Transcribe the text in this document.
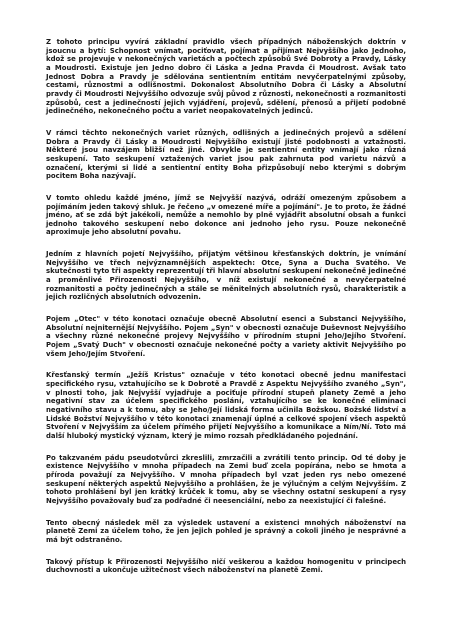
Z tohoto principu vyvírá základní pravidlo všech případných náboženských doktrín v jsoucnu a bytí: Schopnost vnímat, pociťovat, pojímat a přijímat Nejvyššího jako Jednoho, kdož se projevuje v nekonečných varietách a počtech způsobů Své Dobroty a Pravdy, Lásky a Moudrosti. Existuje jen Jedno dobro či Láska a Jedna Pravda či Moudrost. Avšak tato Jednost Dobra a Pravdy je sdělována sentientním entitám nevyčerpatelnými způsoby, cestami, různostmi a odlišnostmi. Dokonalost Absolutního Dobra či Lásky a Absolutní pravdy či Moudrosti Nejvyššího odvozuje svůj původ z různosti, nekonečnosti a rozmanitosti způsobů, cest a jedinečností jejich vyjádření, projevů, sdělení, přenosů a přijetí podobně jedinečného, nekonečného počtu a variet neopakovatelných jedinců.

V rámci těchto nekonečných variet různých, odlišných a jedinečných projevů a sdělení Dobra a Pravdy či Lásky a Moudrosti Nejvyššího existují jisté podobnosti a vztažnosti. Některé jsou navzájem bližší než jiné. Obvykle je sentientní entity vnímají jako různá seskupení. Tato seskupení vztažených variet jsou pak zahrnuta pod varietu názvů a označení, kterými si lidé a sentientní entity Boha přizpůsobují nebo kterými s dobrým pocitem Boha nazývají.

V tomto ohledu každé jméno, jímž se Nejvyšší nazývá, odráží omezeným způsobem a pojímáním jeden takový shluk. Je řečeno „v omezené míře a pojímání". Je to proto, že žádné jméno, ať se zdá být jakékoli, nemůže a nemohlo by plně vyjádřit absolutní obsah a funkci jednoho takového seskupení nebo dokonce ani jednoho jeho rysu. Pouze nekonečně aproximuje jeho absolutní povahu.

Jedním z hlavních pojetí Nejvyššího, přijatým většinou křesťanských doktrín, je vnímání Nejvyššího ve třech nejvýznamnějších aspektech: Otce, Syna a Ducha Svatého. Ve skutečnosti tyto tři aspekty reprezentují tři hlavní absolutní seskupení nekonečně jedinečné a proměnlivé Přirozenosti Nejvyššího, v níž existují nekonečné a nevyčerpatelné rozmanitosti a počty jedinečných a stále se měnitelných absolutních rysů, charakteristik a jejich rozličných absolutních odvozenin.

Pojem „Otec" v této konotaci označuje obecně Absolutní esenci a Substanci Nejvyššího, Absolutní nejniternější Nejvyššího. Pojem „Syn" v obecnosti označuje Duševnost Nejvyššího a všechny různé nekonečné projevy Nejvyššího v přírodním stupni Jeho/Jejího Stvoření. Pojem „Svatý Duch" v obecnosti označuje nekonečné počty a variety aktivit Nejvyššího po všem Jeho/Jejím Stvoření.

Křesťanský termín „Ježíš Kristus" označuje v této konotaci obecně jednu manifestaci specifického rysu, vztahujícího se k Dobrotě a Pravdě z Aspektu Nejvyššího zvaného „Syn", v plnosti toho, jak Nejvyšší vyjadřuje a pociťuje přírodní stupeň planety Země a jeho negativní stav za účelem specifického poslání, vztahujícího se ke konečné eliminaci negativního stavu a k tomu, aby se Jeho/Její lidská forma učinila Božskou. Božské lidství a Lidské Božství Nejvyššího v této konotaci znamenají úplné a celkové spojení všech aspektů Stvoření v Nejvyšším za účelem přímého přijetí Nejvyššího a komunikace a Ním/Ní. Toto má další hluboký mystický význam, který je mimo rozsah předkládaného pojednání.

Po takzvaném pádu pseudotvůrci zkreslili, zmrzačili a zvrátili tento princip. Od té doby je existence Nejvyššího v mnoha případech na Zemi buď zcela popírána, nebo se hmota a příroda považují za Nejvyššího. V mnoha případech byl vzat jeden rys nebo omezené seskupení některých aspektů Nejvyššího a prohlášen, že je výlučným a celým Nejvyšším. Z tohoto prohlášení byl jen krátký krůček k tomu, aby se všechny ostatní seskupení a rysy Nejvyššího považovaly buď za podřadné či neesenciální, nebo za neexistující či falešné.

Tento obecný následek měl za výsledek ustavení a existenci mnohých náboženství na planetě Zemi za účelem toho, že jen jejich pohled je správný a cokoli jiného je nesprávné a má být odstraněno.

Takový přístup k Přirozenosti Nejvyššího ničí veškerou a každou homogenitu v principech duchovnosti a ukončuje užitečnost všech náboženství na planetě Zemi.
